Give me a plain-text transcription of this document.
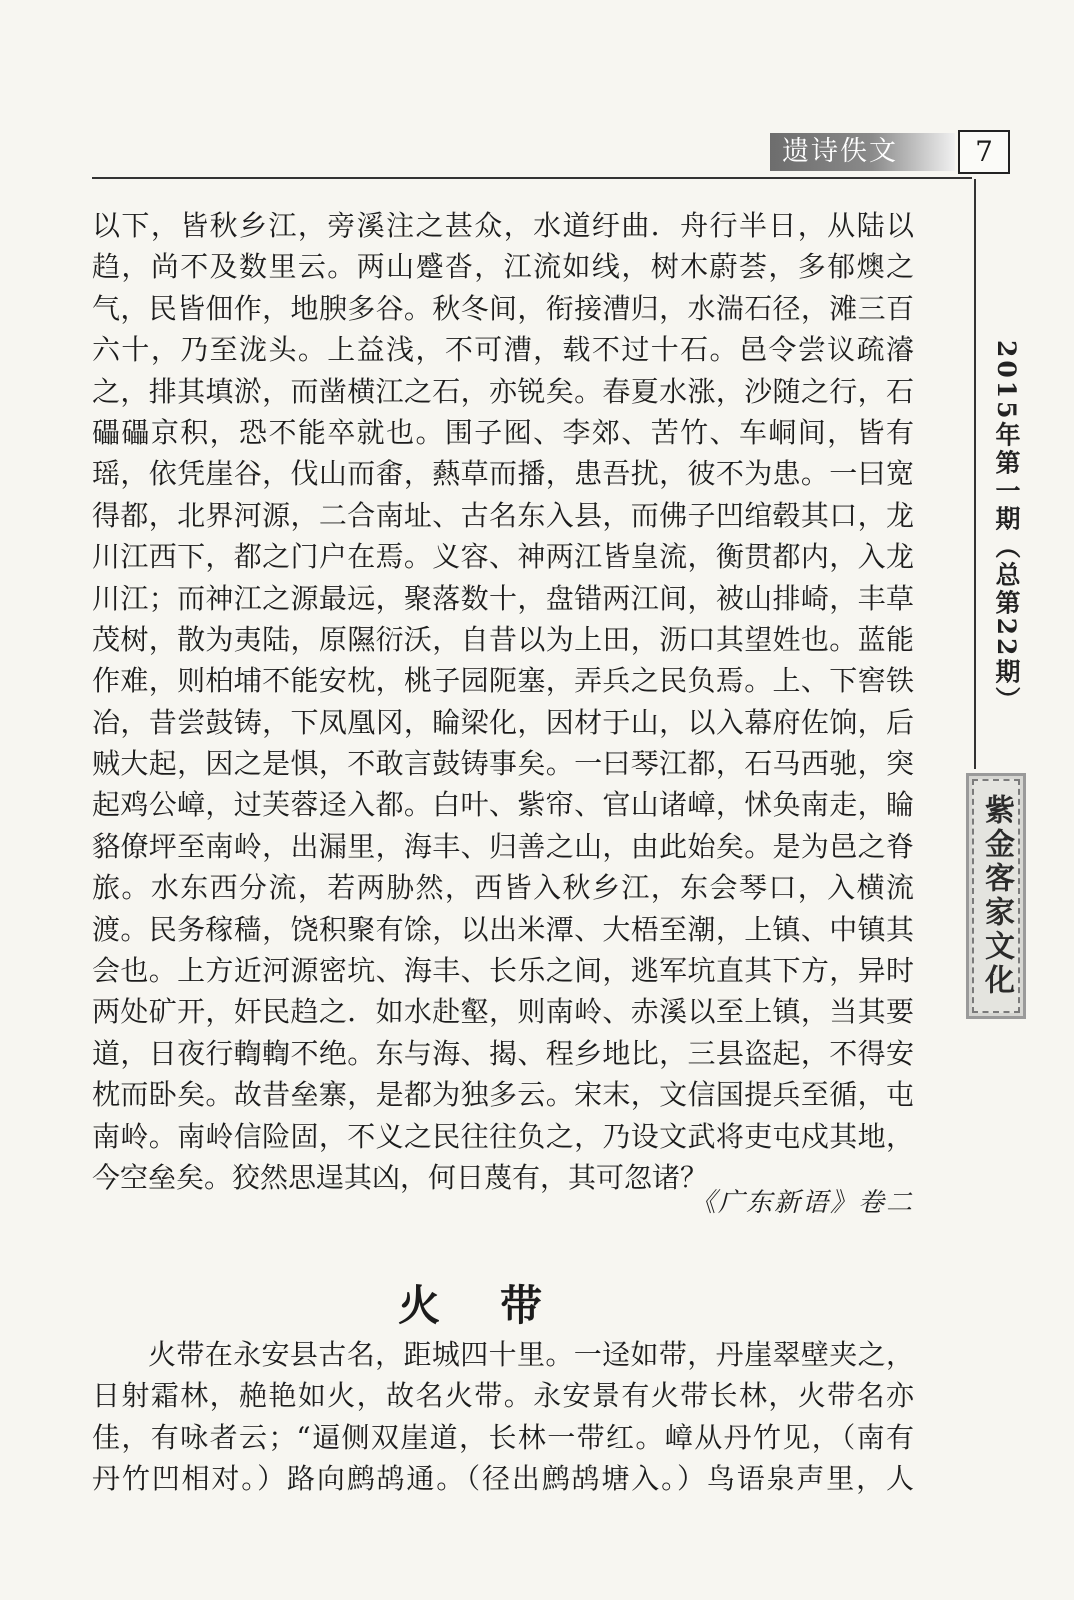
遗诗佚文	7
2015年第一期（总第22期）
紫金客家文化
以下，皆秋乡江，旁溪注之甚众，水道纡曲．舟行半日，从陆以
趋，尚不及数里云。两山蹙沓，江流如线，树木蔚荟，多郁燠之
气，民皆佃作，地腴多谷。秋冬间，衔接漕归，水湍石径，滩三百
六十，乃至泷头。上益浅，不可漕，载不过十石。邑令尝议疏濬
之，排其填淤，而凿横江之石，亦锐矣。春夏水涨，沙随之行，石
礧礧京积，恐不能卒就也。围子囮、李郊、苦竹、车峒间，皆有
瑶，依凭崖谷，伐山而畬，爇草而播，患吾扰，彼不为患。一曰宽
得都，北界河源，二合南址、古名东入县，而佛子凹绾毂其口，龙
川江西下，都之门户在焉。义容、神两江皆皇流，衡贯都内，入龙
川江；而神江之源最远，聚落数十，盘错两江间，被山排崎，丰草
茂树，散为夷陆，原隰衍沃，自昔以为上田，沥口其望姓也。蓝能
作难，则柏埔不能安枕，桃子园阨塞，弄兵之民负焉。上、下窖铁
冶，昔尝鼓铸，下凤凰冈，睔梁化，因材于山，以入幕府佐饷，后
贼大起，因之是惧，不敢言鼓铸事矣。一曰琴江都，石马西驰，突
起鸡公嶂，过芙蓉迳入都。白叶、紫帘、官山诸嶂，怵奂南走，睔
貉僚坪至南岭，出漏里，海丰、归善之山，由此始矣。是为邑之脊
旅。水东西分流，若两胁然，西皆入秋乡江，东会琴口，入横流
渡。民务稼穑，饶积聚有馀，以出米潭、大梧至潮，上镇、中镇其
会也。上方近河源密坑、海丰、长乐之间，逃军坑直其下方，异时
两处矿开，奸民趋之．如水赴壑，则南岭、赤溪以至上镇，当其要
道，日夜行輷輷不绝。东与海、揭、程乡地比，三县盗起，不得安
枕而卧矣。故昔垒寨，是都为独多云。宋末，文信国提兵至循，屯
南岭。南岭信险固，不义之民往往负之，乃设文武将吏屯戍其地，
今空垒矣。狡然思逞其凶，何日蔑有，其可忽诸？
《广东新语》卷二
火带
火带在永安县古名，距城四十里。一迳如带，丹崖翠壁夹之，
日射霜林，赩艳如火，故名火带。永安景有火带长林，火带名亦
佳，有咏者云；“逼侧双崖道，长林一带红。嶂从丹竹见，（南有
丹竹凹相对。）路向鹧鸪通。（径出鹧鸪塘入。）鸟语泉声里，人
